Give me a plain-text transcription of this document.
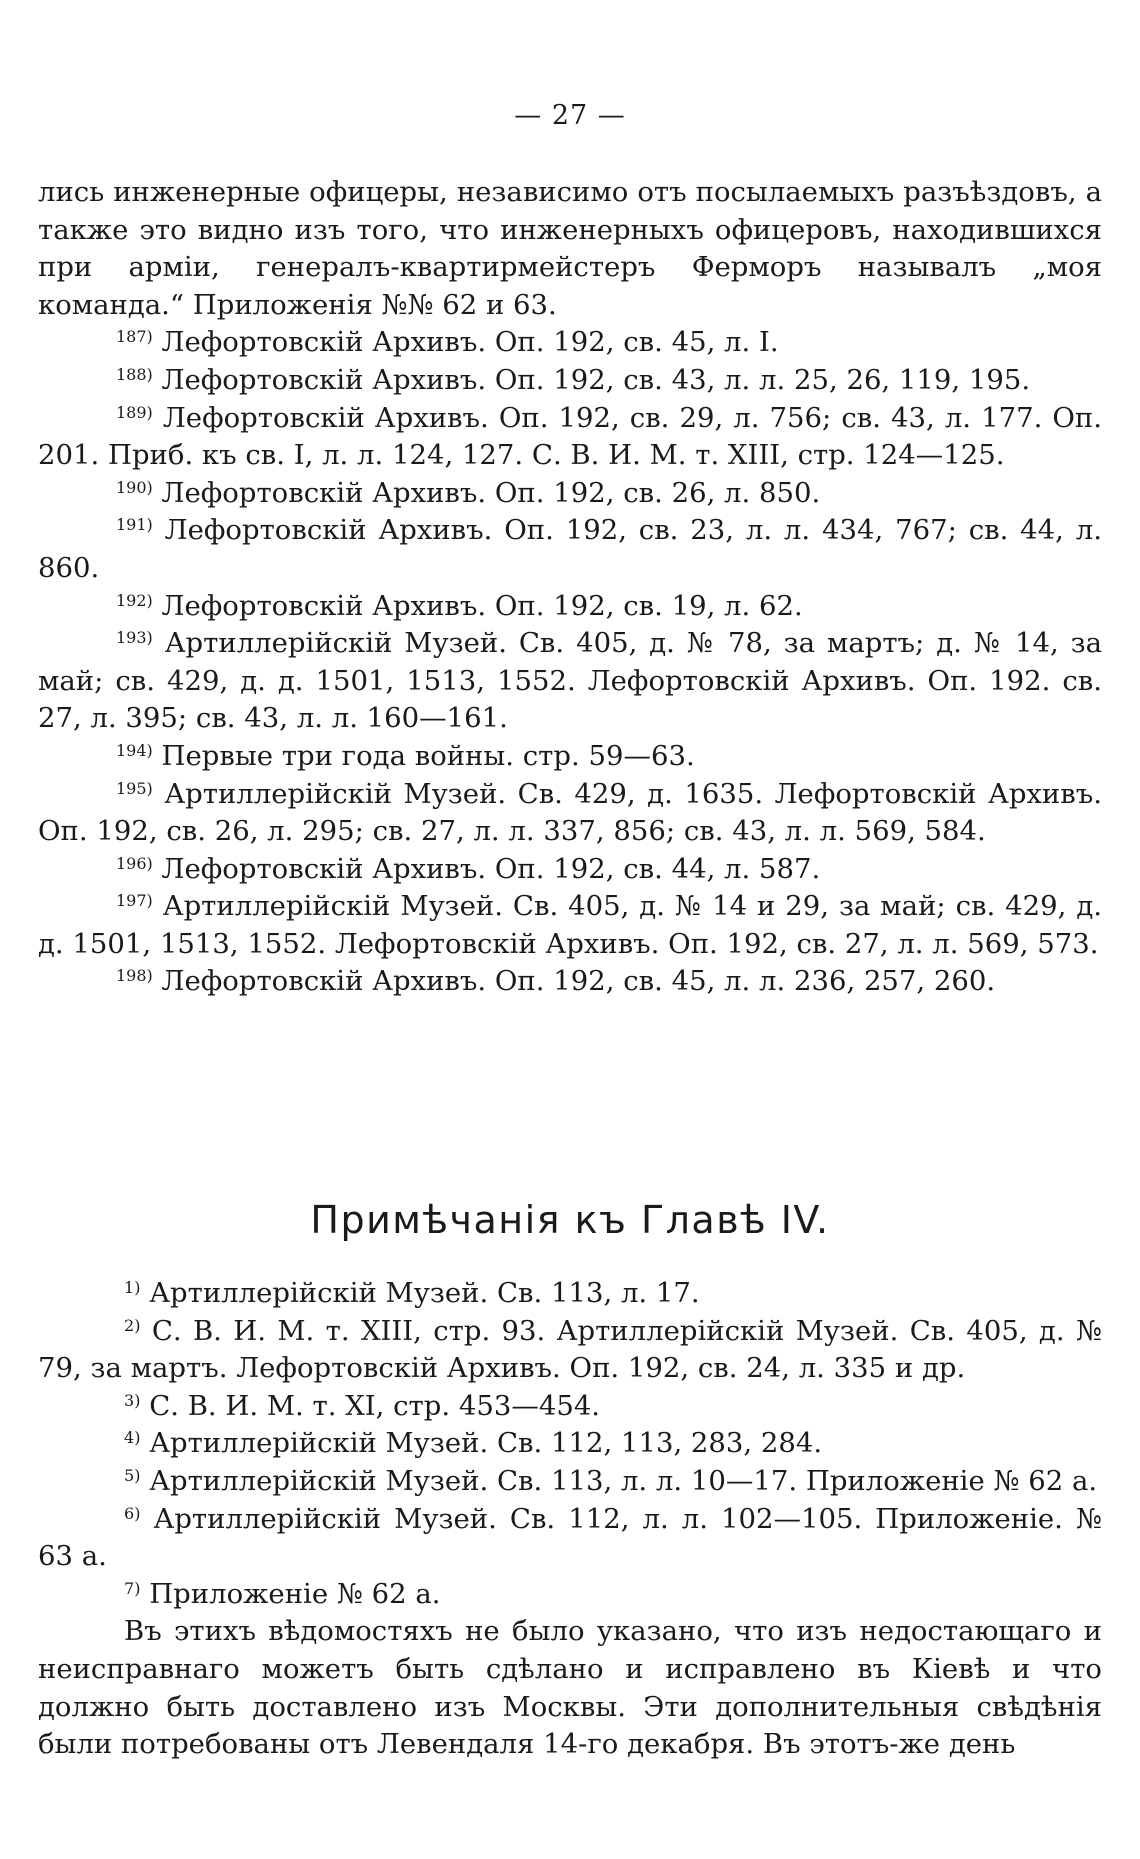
— 27 —

лись инженерные офицеры, независимо отъ посылаемыхъ разъѣздовъ, а также это видно изъ того, что инженерныхъ офицеровъ, находившихся при арміи, генералъ-квартирмейстеръ Ферморъ называлъ „моя команда.“ Приложенія №№ 62 и 63.

$^{187)}$ Лефортовскій Архивъ. Оп. 192, св. 45, л. I.

$^{188)}$ Лефортовскій Архивъ. Оп. 192, св. 43, л. л. 25, 26, 119, 195.

$^{189)}$ Лефортовскій Архивъ. Оп. 192, св. 29, л. 756; св. 43, л. 177. Оп. 201. Приб. къ св. I, л. л. 124, 127. С. В. И. М. т. XIII, стр. 124—125.

$^{190)}$ Лефортовскій Архивъ. Оп. 192, св. 26, л. 850.

$^{191)}$ Лефортовскій Архивъ. Оп. 192, св. 23, л. л. 434, 767; св. 44, л. 860.

$^{192)}$ Лефортовскій Архивъ. Оп. 192, св. 19, л. 62.

$^{193)}$ Артиллерійскій Музей. Св. 405, д. № 78, за мартъ; д. № 14, за май; св. 429, д. д. 1501, 1513, 1552. Лефортовскій Архивъ. Оп. 192. св. 27, л. 395; св. 43, л. л. 160—161.

$^{194)}$ Первые три года войны. стр. 59—63.

$^{195)}$ Артиллерійскій Музей. Св. 429, д. 1635. Лефортовскій Архивъ. Оп. 192, св. 26, л. 295; св. 27, л. л. 337, 856; св. 43, л. л. 569, 584.

$^{196)}$ Лефортовскій Архивъ. Оп. 192, св. 44, л. 587.

$^{197)}$ Артиллерійскій Музей. Св. 405, д. № 14 и 29, за май; св. 429, д. д. 1501, 1513, 1552. Лефортовскій Архивъ. Оп. 192, св. 27, л. л. 569, 573.

$^{198)}$ Лефортовскій Архивъ. Оп. 192, св. 45, л. л. 236, 257, 260.

Примѣчанія къ Главѣ IV.

$^{1)}$ Артиллерійскій Музей. Св. 113, л. 17.

$^{2)}$ С. В. И. М. т. XIII, стр. 93. Артиллерійскій Музей. Св. 405, д. № 79, за мартъ. Лефортовскій Архивъ. Оп. 192, св. 24, л. 335 и др.

$^{3)}$ С. В. И. М. т. XI, стр. 453—454.

$^{4)}$ Артиллерійскій Музей. Св. 112, 113, 283, 284.

$^{5)}$ Артиллерійскій Музей. Св. 113, л. л. 10—17. Приложеніе № 62 а.

$^{6)}$ Артиллерійскій Музей. Св. 112, л. л. 102—105. Приложеніе. № 63 а.

$^{7)}$ Приложеніе № 62 а.

Въ этихъ вѣдомостяхъ не было указано, что изъ недостающаго и неисправнаго можетъ быть сдѣлано и исправлено въ Кіевѣ и что должно быть доставлено изъ Москвы. Эти дополнительныя свѣдѣнія были потребованы отъ Левендаля 14-го декабря. Въ этотъ-же день
